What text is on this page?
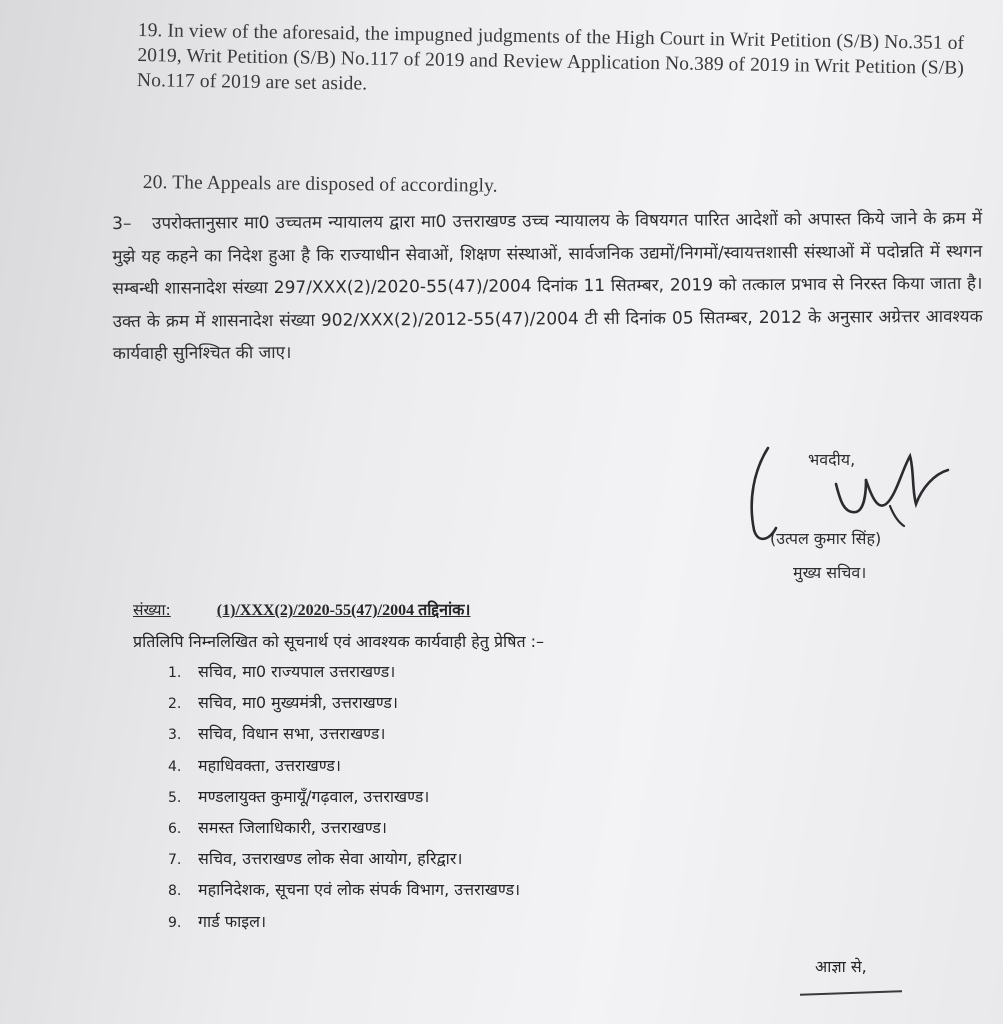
19. In view of the aforesaid, the impugned judgments of the High Court in Writ Petition (S/B) No.351 of 2019, Writ Petition (S/B) No.117 of 2019 and Review Application No.389 of 2019 in Writ Petition (S/B) No.117 of 2019 are set aside.
20. The Appeals are disposed of accordingly.
3– उपरोक्तानुसार मा0 उच्चतम न्यायालय द्वारा मा0 उत्तराखण्ड उच्च न्यायालय के विषयगत पारित आदेशों को अपास्त किये जाने के क्रम में मुझे यह कहने का निदेश हुआ है कि राज्याधीन सेवाओं, शिक्षण संस्थाओं, सार्वजनिक उद्यमों/निगमों/स्वायत्तशासी संस्थाओं में पदोन्नति में स्थगन सम्बन्धी शासनादेश संख्या 297/XXX(2)/2020-55(47)/2004 दिनांक 11 सितम्बर, 2019 को तत्काल प्रभाव से निरस्त किया जाता है। उक्त के क्रम में शासनादेश संख्या 902/XXX(2)/2012-55(47)/2004 टी सी दिनांक 05 सितम्बर, 2012 के अनुसार अग्रेत्तर आवश्यक कार्यवाही सुनिश्चित की जाए।
भवदीय,
(उत्पल कुमार सिंह)
मुख्य सचिव।
संख्या:	(1)/XXX(2)/2020-55(47)/2004 तद्दिनांक।
प्रतिलिपि निम्नलिखित को सूचनार्थ एवं आवश्यक कार्यवाही हेतु प्रेषित :–
1. सचिव, मा0 राज्यपाल उत्तराखण्ड।
2. सचिव, मा0 मुख्यमंत्री, उत्तराखण्ड।
3. सचिव, विधान सभा, उत्तराखण्ड।
4. महाधिवक्ता, उत्तराखण्ड।
5. मण्डलायुक्त कुमायूँ/गढ़वाल, उत्तराखण्ड।
6. समस्त जिलाधिकारी, उत्तराखण्ड।
7. सचिव, उत्तराखण्ड लोक सेवा आयोग, हरिद्वार।
8. महानिदेशक, सूचना एवं लोक संपर्क विभाग, उत्तराखण्ड।
9. गार्ड फाइल।
आज्ञा से,
